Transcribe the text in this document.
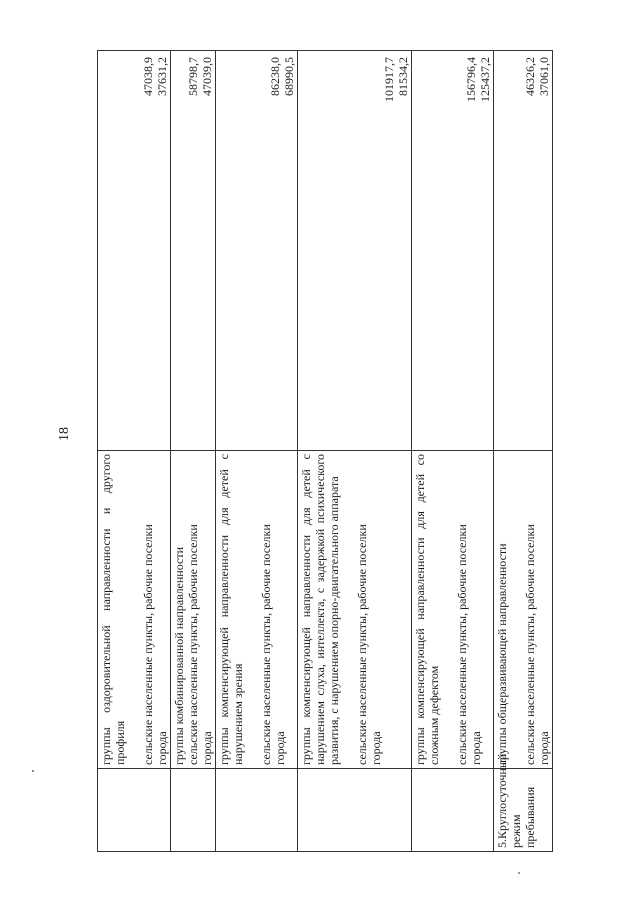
18
	группы оздоровительной направленности и другого профиля сельские населенные пункты, рабочие поселки города	47038,9 37631,2

	группы комбинированной направленности сельские населенные пункты, рабочие поселки города	58798,7 47039,0

	группы компенсирующей направленности для детей с нарушением зрения сельские населенные пункты, рабочие поселки города	86238,0 68990,5

	группы компенсирующей направленности для детей с нарушением слуха, интеллекта, с задержкой психического развития, с нарушением опорно-двигательного аппарата сельские населенные пункты, рабочие поселки города	101917,7 81534,2

	группы компенсирующей направленности для детей со сложным дефектом сельские населенные пункты, рабочие поселки города	156796,4 125437,2

5.Круглосуточный режим пребывания	группы общеразвивающей направленности сельские населенные пункты, рабочие поселки города	46326,2 37061,0
